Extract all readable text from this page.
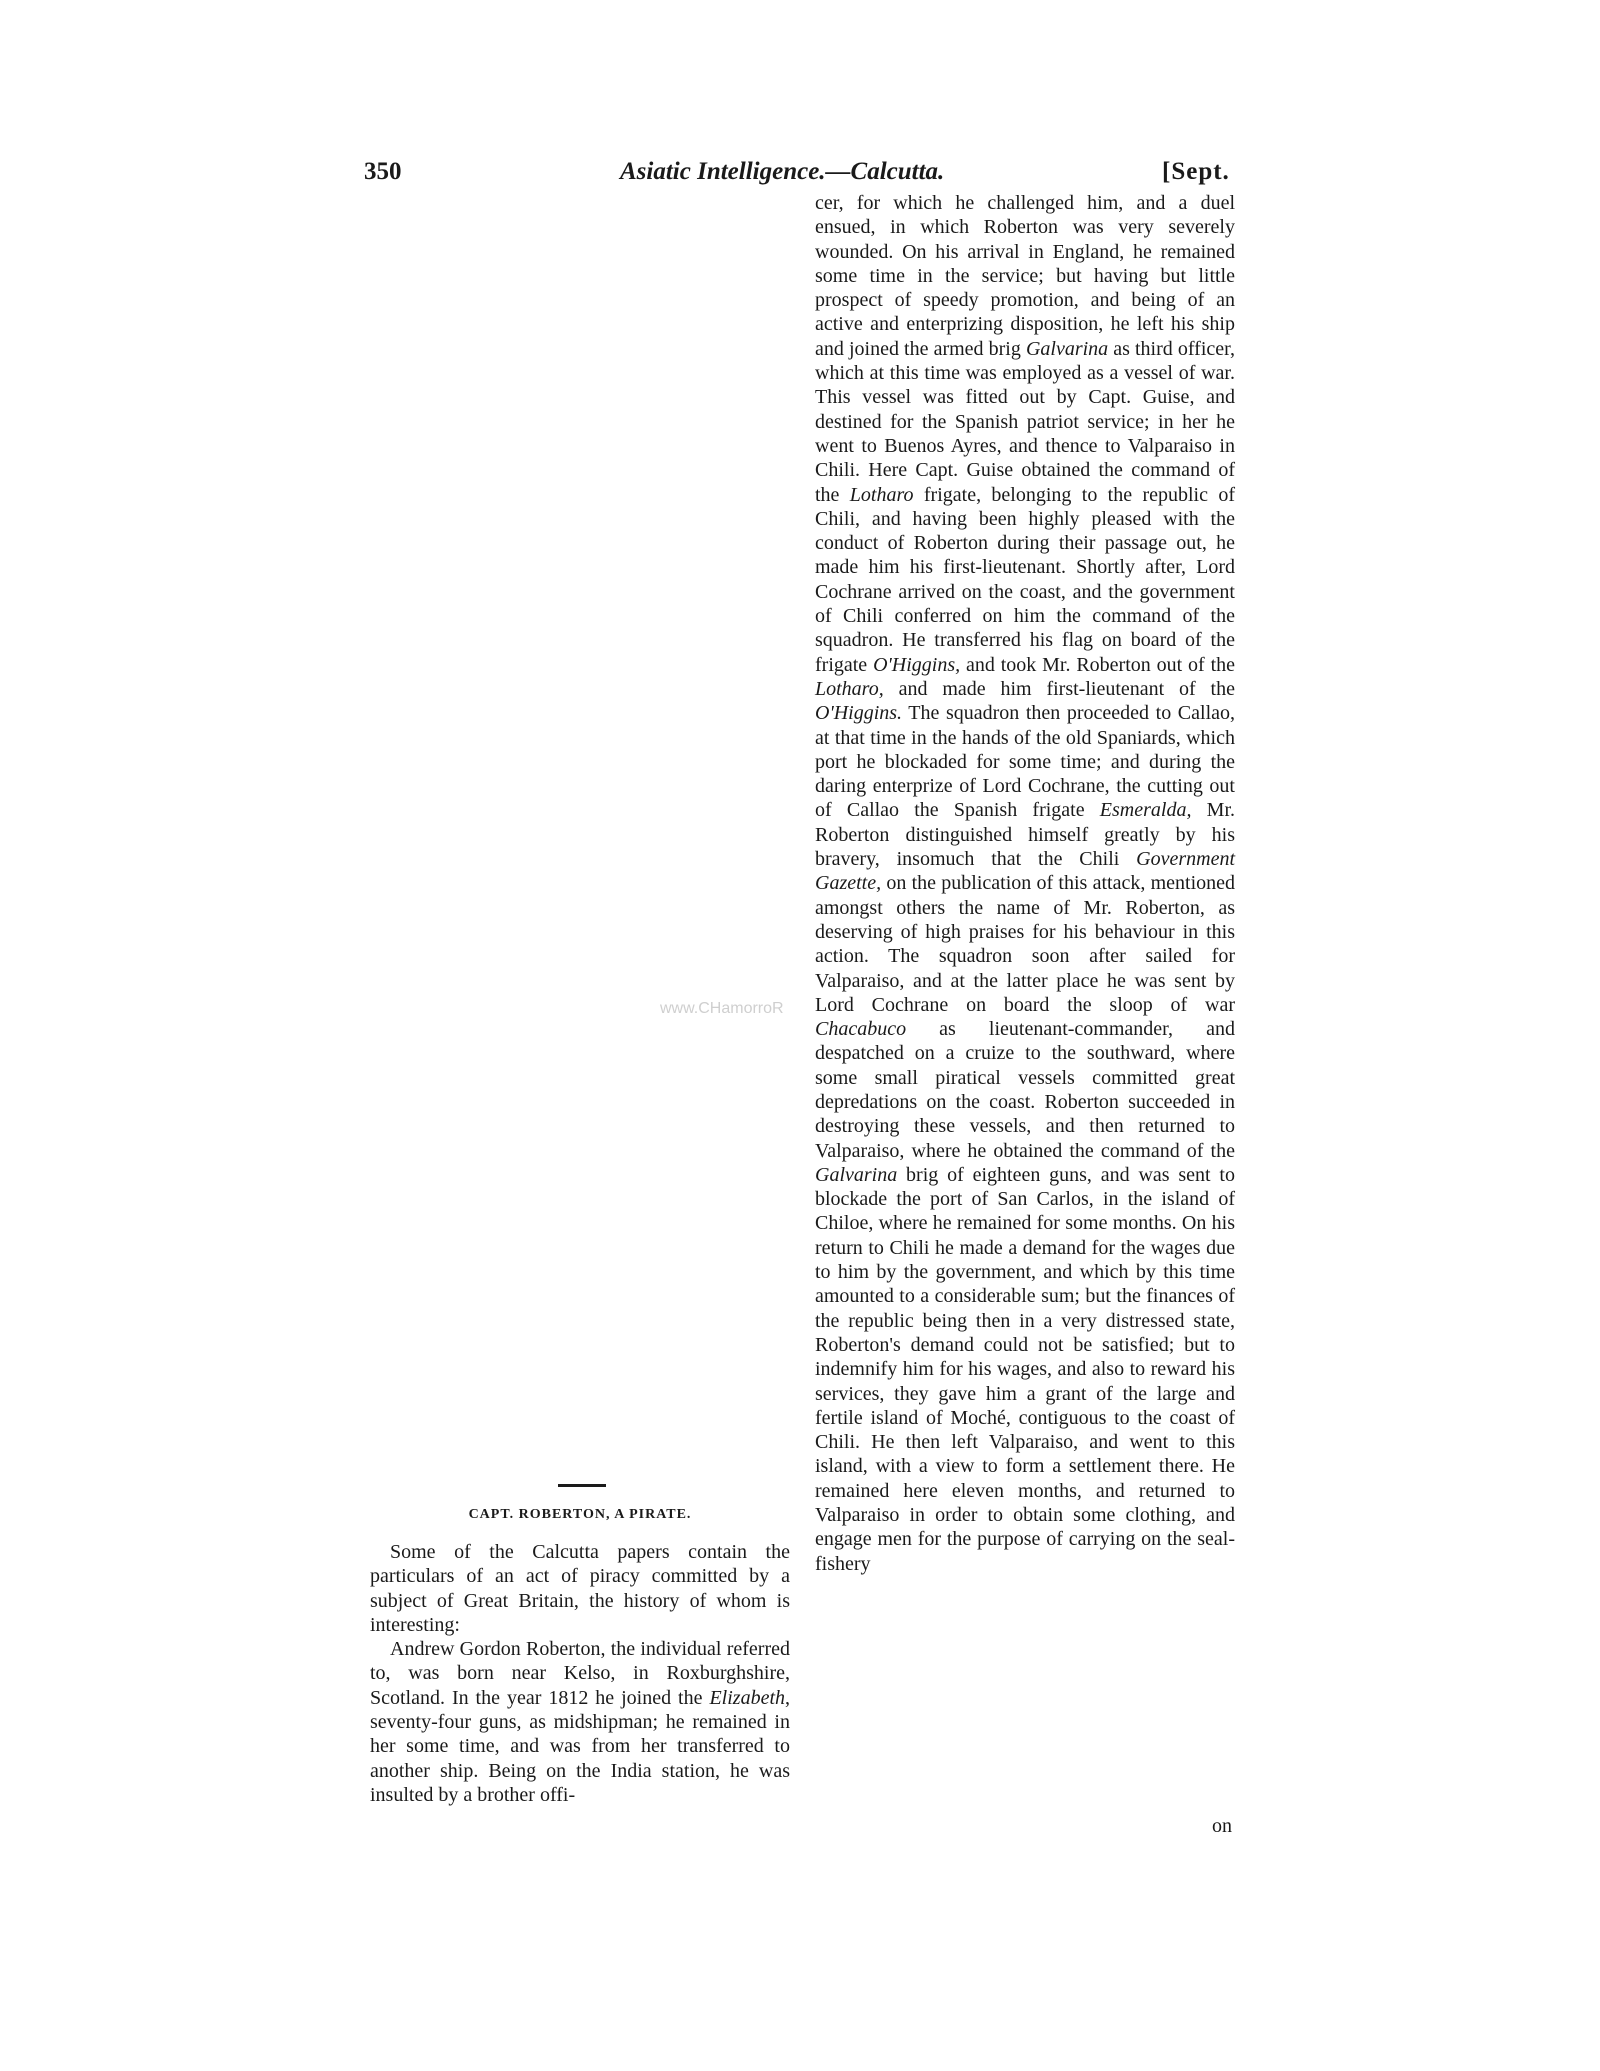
350	Asiatic Intelligence.—Calcutta.	[Sept.
www.CHamorroR

cer, for which he challenged him, and a duel ensued, in which Roberton was very severely wounded. On his arrival in England, he remained some time in the service; but having but little prospect of speedy promotion, and being of an active and enterprizing disposition, he left his ship and joined the armed brig Galvarina as third officer, which at this time was employed as a vessel of war. This vessel was fitted out by Capt. Guise, and destined for the Spanish patriot service; in her he went to Buenos Ayres, and thence to Valparaiso in Chili. Here Capt. Guise obtained the command of the Lotharo frigate, belonging to the republic of Chili, and having been highly pleased with the conduct of Roberton during their passage out, he made him his first-lieutenant. Shortly after, Lord Cochrane arrived on the coast, and the government of Chili conferred on him the command of the squadron. He transferred his flag on board of the frigate O'Higgins, and took Mr. Roberton out of the Lotharo, and made him first-lieutenant of the O'Higgins. The squadron then proceeded to Callao, at that time in the hands of the old Spaniards, which port he blockaded for some time; and during the daring enterprize of Lord Cochrane, the cutting out of Callao the Spanish frigate Esmeralda, Mr. Roberton distinguished himself greatly by his bravery, insomuch that the Chili Government Gazette, on the publication of this attack, mentioned amongst others the name of Mr. Roberton, as deserving of high praises for his behaviour in this action. The squadron soon after sailed for Valparaiso, and at the latter place he was sent by Lord Cochrane on board the sloop of war Chacabuco as lieutenant-commander, and despatched on a cruize to the southward, where some small piratical vessels committed great depredations on the coast. Roberton succeeded in destroying these vessels, and then returned to Valparaiso, where he obtained the command of the Galvarina brig of eighteen guns, and was sent to blockade the port of San Carlos, in the island of Chiloe, where he remained for some months. On his return to Chili he made a demand for the wages due to him by the government, and which by this time amounted to a considerable sum; but the finances of the republic being then in a very distressed state, Roberton's demand could not be satisfied; but to indemnify him for his wages, and also to reward his services, they gave him a grant of the large and fertile island of Moché, contiguous to the coast of Chili. He then left Valparaiso, and went to this island, with a view to form a settlement there. He remained here eleven months, and returned to Valparaiso in order to obtain some clothing, and engage men for the purpose of carrying on the seal-fishery

on
CAPT. ROBERTON, A PIRATE.

Some of the Calcutta papers contain the particulars of an act of piracy committed by a subject of Great Britain, the history of whom is interesting:

Andrew Gordon Roberton, the individual referred to, was born near Kelso, in Roxburghshire, Scotland. In the year 1812 he joined the Elizabeth, seventy-four guns, as midshipman; he remained in her some time, and was from her transferred to another ship. Being on the India station, he was insulted by a brother offi-
